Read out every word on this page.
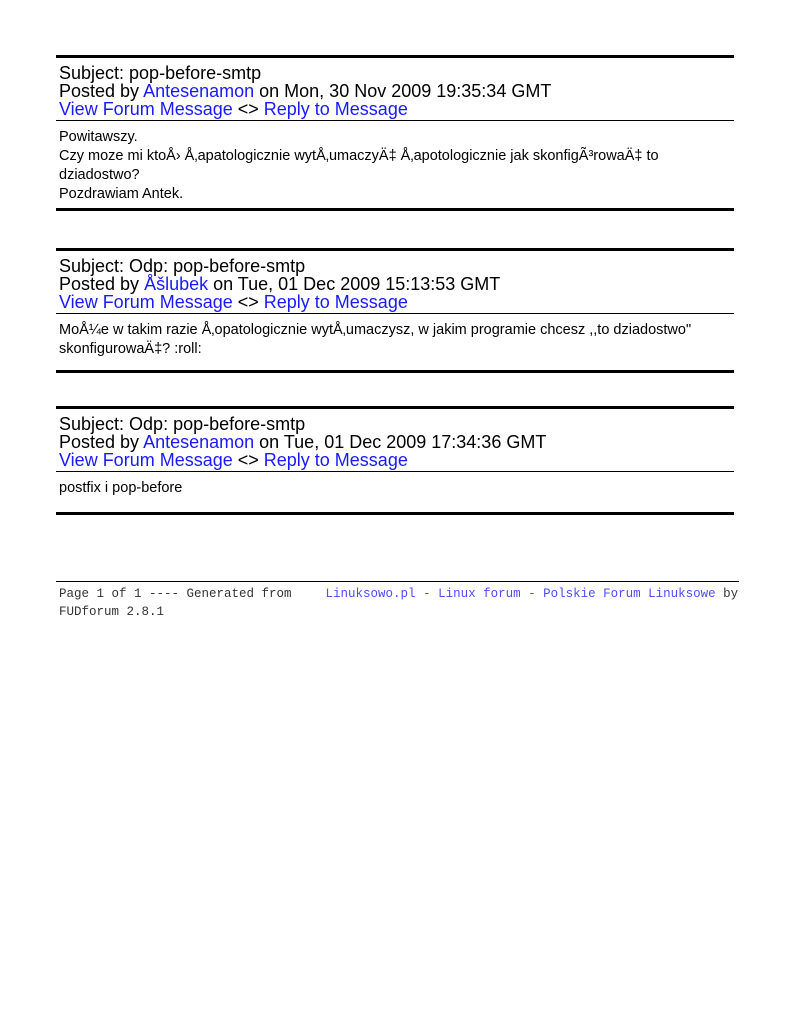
Subject: pop-before-smtp
Posted by Antesenamon on Mon, 30 Nov 2009 19:35:34 GMT
View Forum Message <> Reply to Message

Powitawszy.

Czy moze mi ktoÅ› Å‚apatologicznie wytÅ‚umaczyÄ‡ Å‚apotologicznie jak skonfigÃ³rowaÄ‡ to dziadostwo?

Pozdrawiam Antek.

Subject: Odp: pop-before-smtp
Posted by Åšlubek on Tue, 01 Dec 2009 15:13:53 GMT
View Forum Message <> Reply to Message

MoÅ¼e w takim razie Å‚opatologicznie wytÅ‚umaczysz, w jakim programie chcesz ,,to dziadostwo" skonfigurowaÄ‡? :roll:

Subject: Odp: pop-before-smtp
Posted by Antesenamon on Tue, 01 Dec 2009 17:34:36 GMT
View Forum Message <> Reply to Message

postfix i pop-before

Page 1 of 1 ---- Generated from	Linuksowo.pl - Linux forum - Polskie Forum Linuksowe by FUDforum 2.8.1
